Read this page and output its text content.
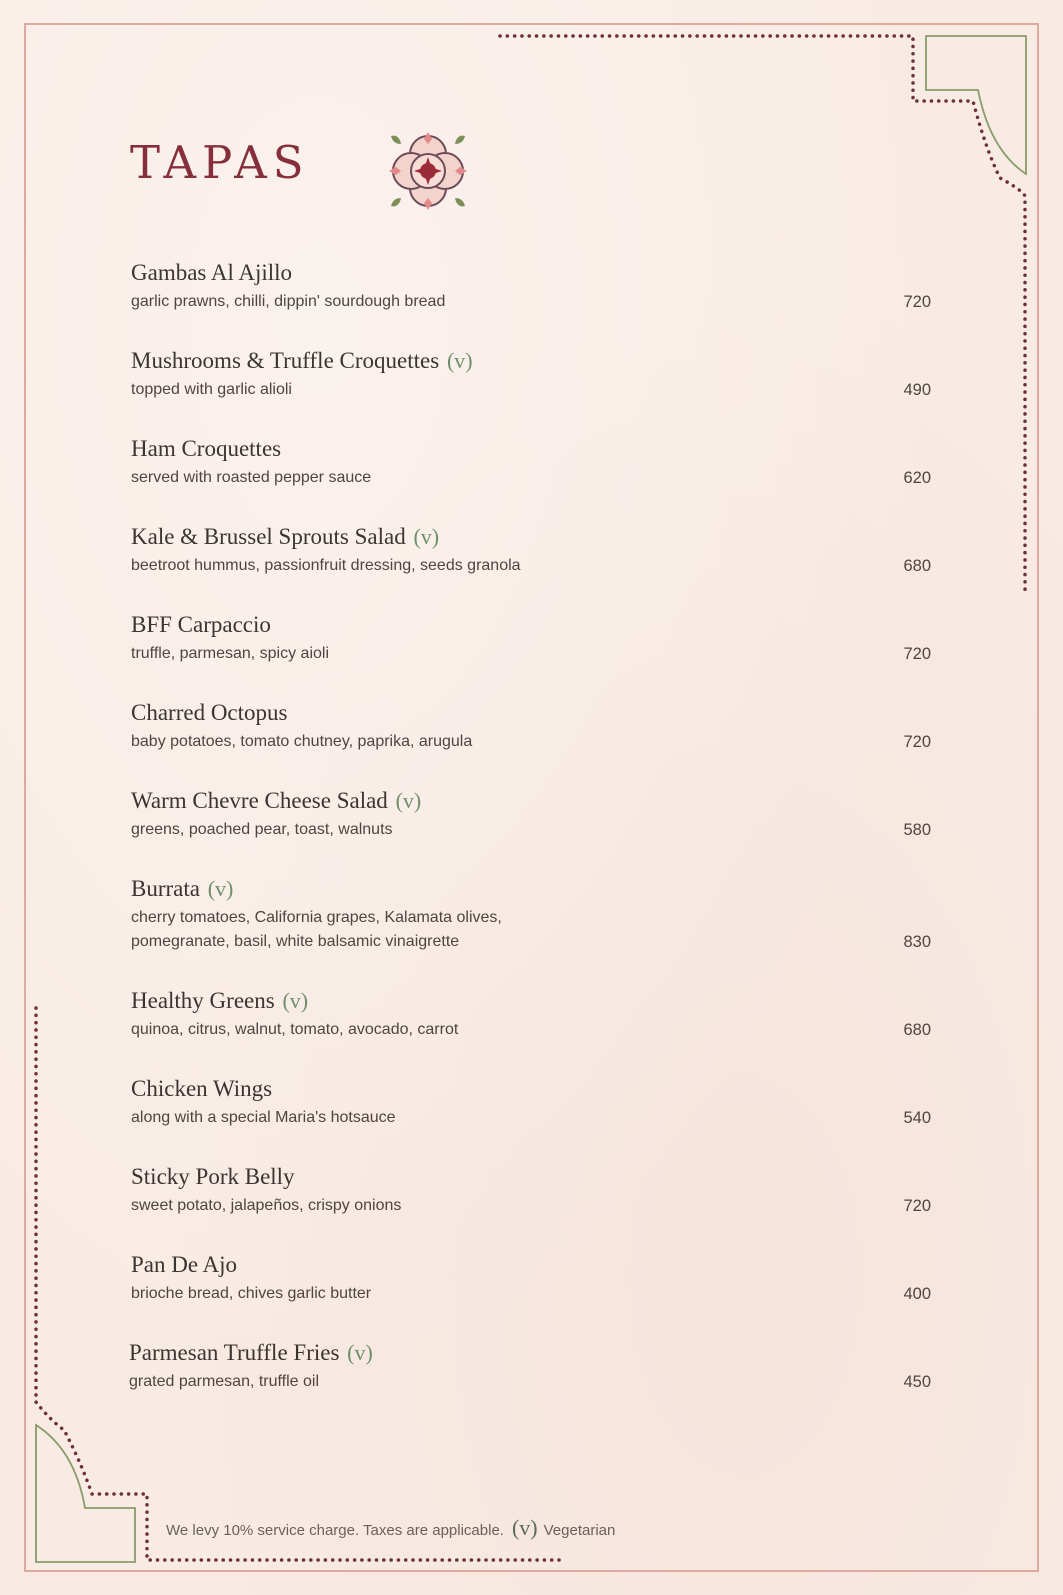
TAPAS
Gambas Al Ajillo
garlic prawns, chilli, dippin' sourdough bread	720
Mushrooms & Truffle Croquettes (v)
topped with garlic alioli	490
Ham Croquettes
served with roasted pepper sauce	620
Kale & Brussel Sprouts Salad (v)
beetroot hummus, passionfruit dressing, seeds granola	680
BFF Carpaccio
truffle, parmesan, spicy aioli	720
Charred Octopus
baby potatoes, tomato chutney, paprika, arugula	720
Warm Chevre Cheese Salad (v)
greens, poached pear, toast, walnuts	580
Burrata (v)
cherry tomatoes, California grapes, Kalamata olives, pomegranate, basil, white balsamic vinaigrette	830
Healthy Greens (v)
quinoa, citrus, walnut, tomato, avocado, carrot	680
Chicken Wings
along with a special Maria's hotsauce	540
Sticky Pork Belly
sweet potato, jalapeños, crispy onions	720
Pan De Ajo
brioche bread, chives garlic butter	400
Parmesan Truffle Fries (v)
grated parmesan, truffle oil	450
We levy 10% service charge. Taxes are applicable. (v) Vegetarian
